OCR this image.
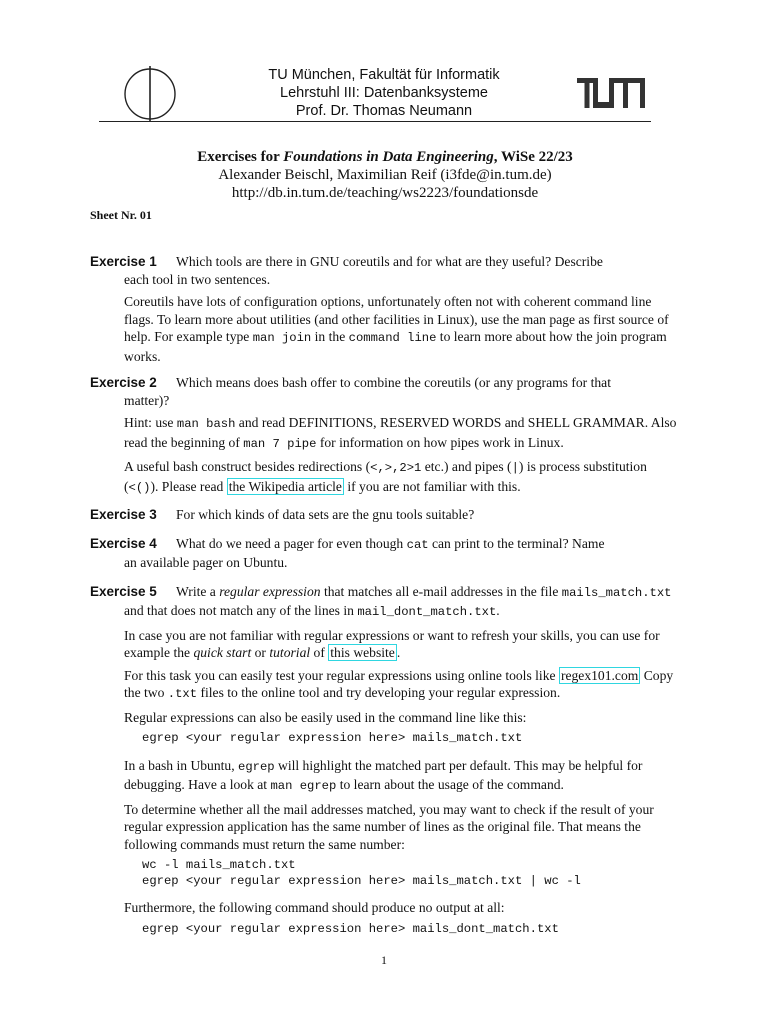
TU München, Fakultät für Informatik
Lehrstuhl III: Datenbanksysteme
Prof. Dr. Thomas Neumann
Exercises for Foundations in Data Engineering, WiSe 22/23
Alexander Beischl, Maximilian Reif (i3fde@in.tum.de)
http://db.in.tum.de/teaching/ws2223/foundationsde
Sheet Nr. 01
Exercise 1 Which tools are there in GNU coreutils and for what are they useful? Describe
each tool in two sentences.
Coreutils have lots of configuration options, unfortunately often not with coherent command line flags. To learn more about utilities (and other facilities in Linux), use the man page as first source of help. For example type man join in the command line to learn more about how the join program works.
Exercise 2 Which means does bash offer to combine the coreutils (or any programs for that
matter)?
Hint: use man bash and read DEFINITIONS, RESERVED WORDS and SHELL GRAMMAR. Also read the beginning of man 7 pipe for information on how pipes work in Linux.
A useful bash construct besides redirections (<,>,2>1 etc.) and pipes (|) is process substitution (<()). Please read the Wikipedia article if you are not familiar with this.
Exercise 3 For which kinds of data sets are the gnu tools suitable?
Exercise 4 What do we need a pager for even though cat can print to the terminal? Name
an available pager on Ubuntu.
Exercise 5 Write a regular expression that matches all e-mail addresses in the file mails_match.txt
and that does not match any of the lines in mail_dont_match.txt.
In case you are not familiar with regular expressions or want to refresh your skills, you can use for example the quick start or tutorial of this website .
For this task you can easily test your regular expressions using online tools like regex101.com Copy the two .txt files to the online tool and try developing your regular expression.
Regular expressions can also be easily used in the command line like this:
egrep <your regular expression here> mails_match.txt
In a bash in Ubuntu, egrep will highlight the matched part per default. This may be helpful for debugging. Have a look at man egrep to learn about the usage of the command.
To determine whether all the mail addresses matched, you may want to check if the result of your regular expression application has the same number of lines as the original file. That means the following commands must return the same number:
wc -l mails_match.txt
egrep <your regular expression here> mails_match.txt | wc -l
Furthermore, the following command should produce no output at all:
egrep <your regular expression here> mails_dont_match.txt
1
